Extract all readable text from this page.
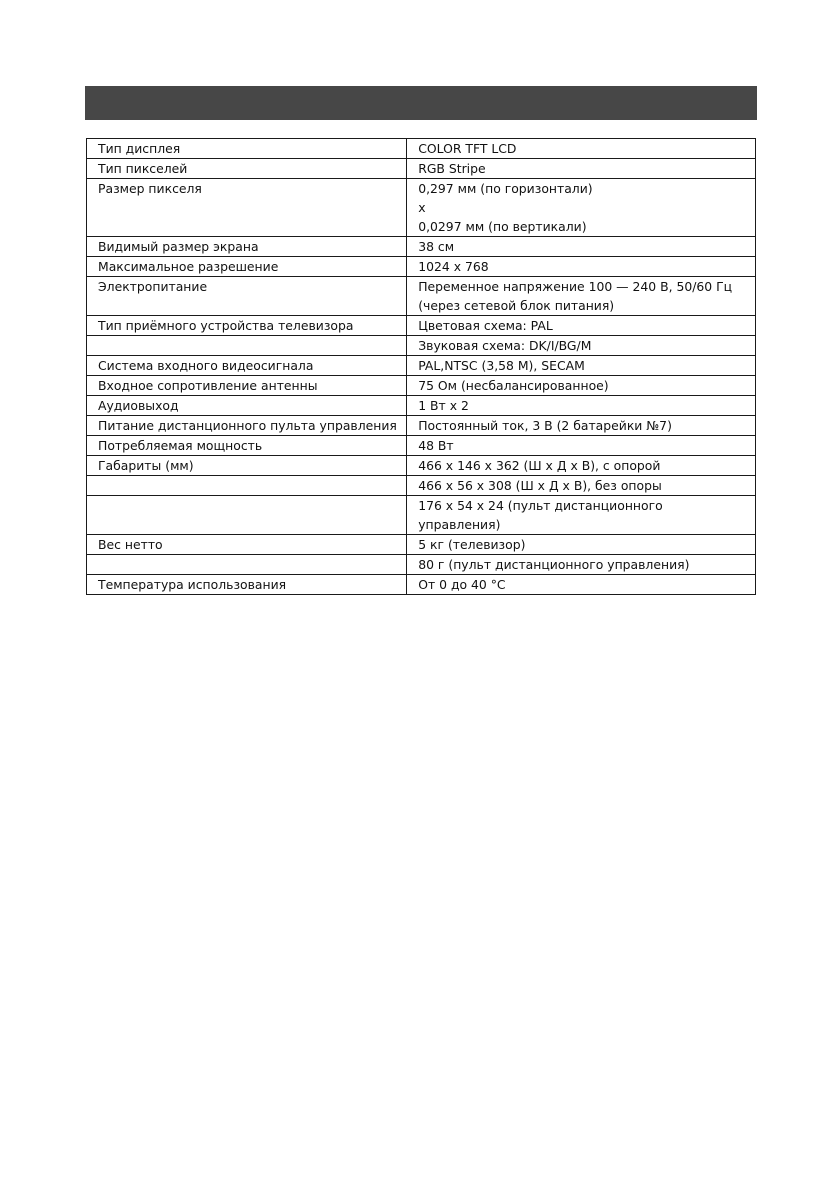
Тип дисплея	COLOR TFT LCD

Тип пикселей	RGB Stripe

Размер пикселя	0,297 мм (по горизонтали)
x
0,0297 мм (по вертикали)

Видимый размер экрана	38 см

Максимальное разрешение	1024 x 768

Электропитание	Переменное напряжение 100 — 240 В, 50/60 Гц
(через сетевой блок питания)

Тип приёмного устройства телевизора	Цветовая схема: PAL

	Звуковая схема: DK/I/BG/M

Система входного видеосигнала	PAL,NTSC (3,58 M), SECAM

Входное сопротивление антенны	75 Ом (несбалансированное)

Аудиовыход	1 Вт x 2

Питание дистанционного пульта управления	Постоянный ток, 3 В (2 батарейки №7)

Потребляемая мощность	48 Вт

Габариты (мм)	466 x 146 x 362 (Ш x Д x В), с опорой

	466 x 56 x 308 (Ш x Д x В), без опоры

	176 x 54 x 24 (пульт дистанционного
управления)

Вес нетто	5 кг (телевизор)

	80 г (пульт дистанционного управления)

Температура использования	От 0 до 40 °C
